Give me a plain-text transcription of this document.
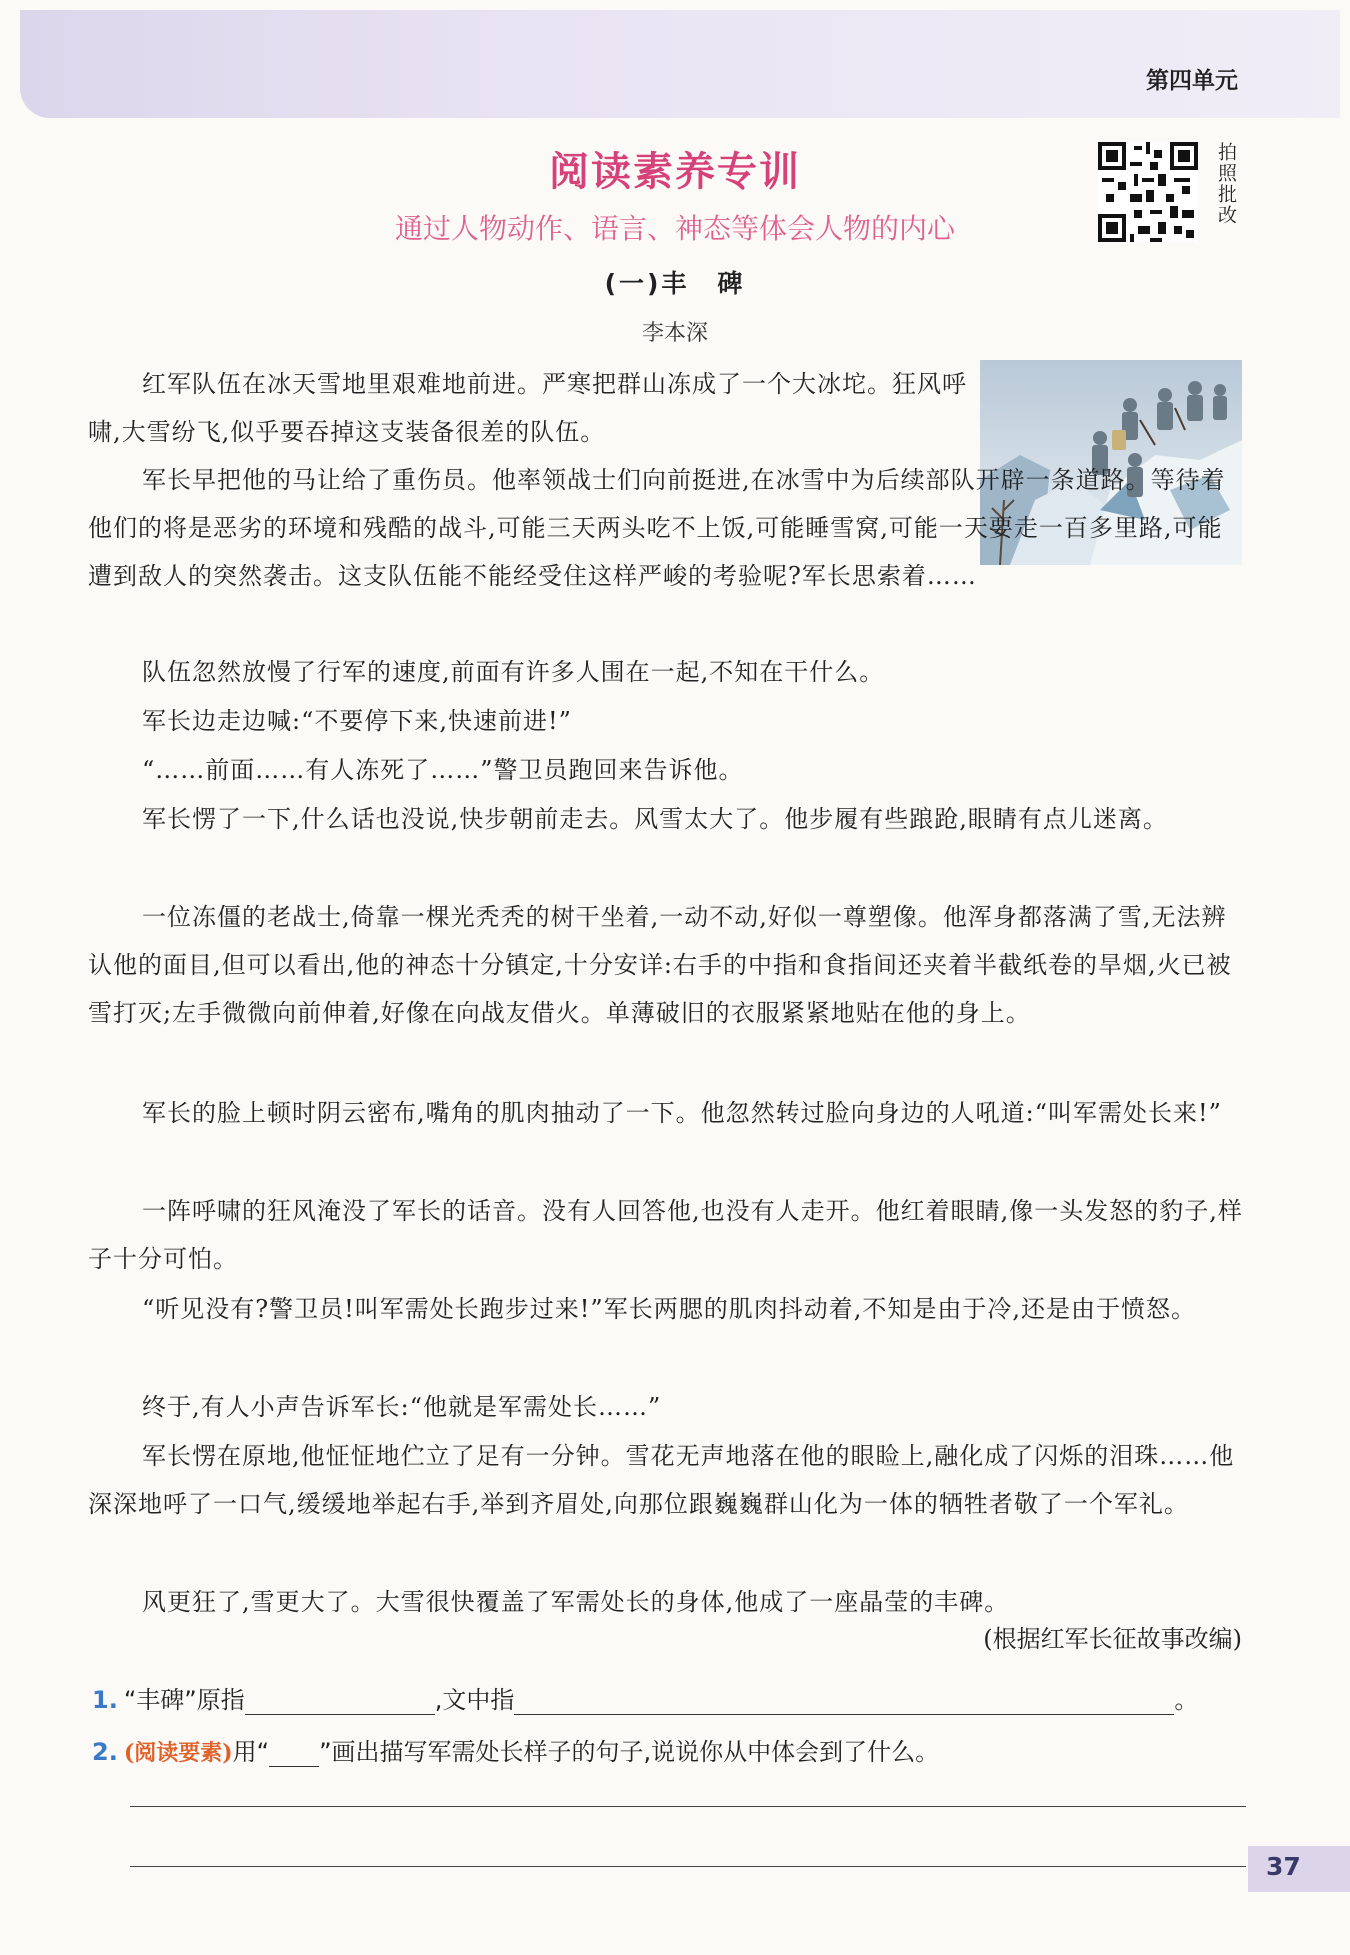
第四单元
阅读素养专训
通过人物动作、语言、神态等体会人物的内心
拍照批改
(一)丰　碑
李本深

红军队伍在冰天雪地里艰难地前进。严寒把群山冻成了一个大冰坨。狂风呼啸,大雪纷飞,似乎要吞掉这支装备很差的队伍。

军长早把他的马让给了重伤员。他率领战士们向前挺进,在冰雪中为后续部队开辟一条道路。等待着他们的将是恶劣的环境和残酷的战斗,可能三天两头吃不上饭,可能睡雪窝,可能一天要走一百多里路,可能遭到敌人的突然袭击。这支队伍能不能经受住这样严峻的考验呢?军长思索着……

队伍忽然放慢了行军的速度,前面有许多人围在一起,不知在干什么。

军长边走边喊:“不要停下来,快速前进!”

“……前面……有人冻死了……”警卫员跑回来告诉他。

军长愣了一下,什么话也没说,快步朝前走去。风雪太大了。他步履有些踉跄,眼睛有点儿迷离。

一位冻僵的老战士,倚靠一棵光秃秃的树干坐着,一动不动,好似一尊塑像。他浑身都落满了雪,无法辨认他的面目,但可以看出,他的神态十分镇定,十分安详:右手的中指和食指间还夹着半截纸卷的旱烟,火已被雪打灭;左手微微向前伸着,好像在向战友借火。单薄破旧的衣服紧紧地贴在他的身上。

军长的脸上顿时阴云密布,嘴角的肌肉抽动了一下。他忽然转过脸向身边的人吼道:“叫军需处长来!”

一阵呼啸的狂风淹没了军长的话音。没有人回答他,也没有人走开。他红着眼睛,像一头发怒的豹子,样子十分可怕。

“听见没有?警卫员!叫军需处长跑步过来!”军长两腮的肌肉抖动着,不知是由于冷,还是由于愤怒。

终于,有人小声告诉军长:“他就是军需处长……”

军长愣在原地,他怔怔地伫立了足有一分钟。雪花无声地落在他的眼睑上,融化成了闪烁的泪珠……他深深地呼了一口气,缓缓地举起右手,举到齐眉处,向那位跟巍巍群山化为一体的牺牲者敬了一个军礼。

风更狂了,雪更大了。大雪很快覆盖了军需处长的身体,他成了一座晶莹的丰碑。

(根据红军长征故事改编)
1. “丰碑”原指	,文中指	。
2. (阅读要素)用“ ”画出描写军需处长样子的句子,说说你从中体会到了什么。
37
